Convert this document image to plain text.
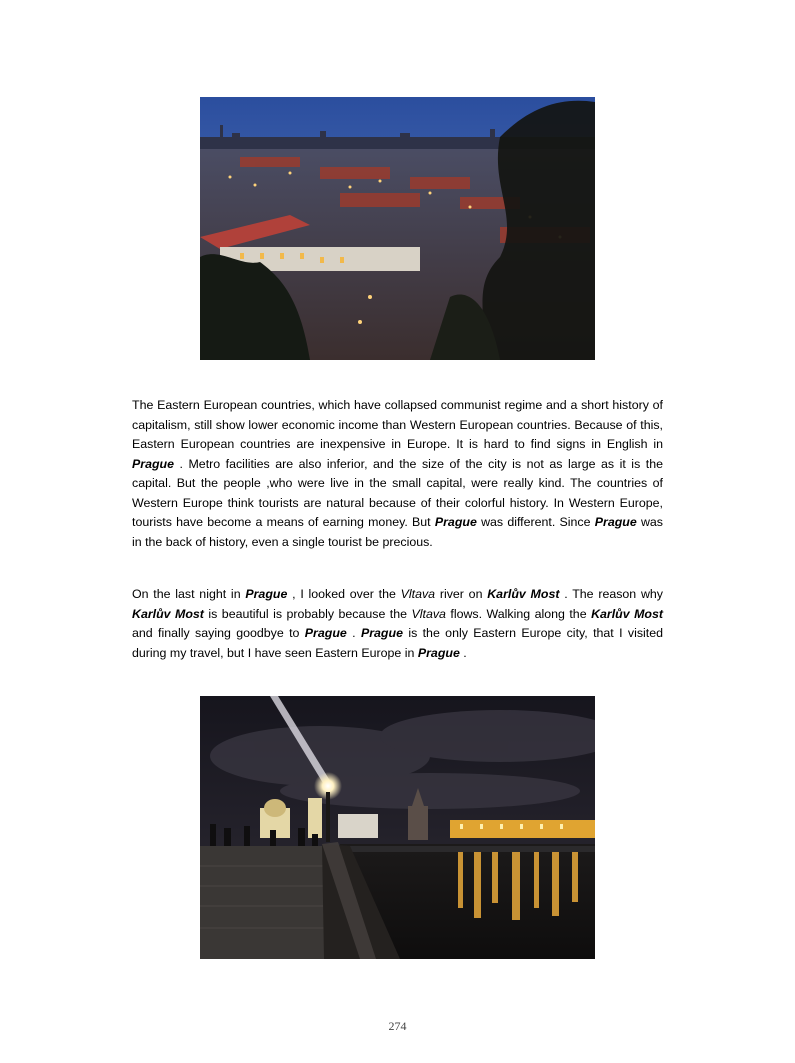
The Eastern European countries, which have collapsed communist regime and a short history of capitalism, still show lower economic income than Western European countries. Because of this, Eastern European countries are inexpensive in Europe. It is hard to find signs in English in Prague . Metro facilities are also inferior, and the size of the city is not as large as it is the capital. But the people ,who were live in the small capital, were really kind. The countries of Western Europe think tourists are natural because of their colorful history. In Western Europe, tourists have become a means of earning money. But Prague was different. Since Prague was in the back of history, even a single tourist be precious.

On the last night in Prague , I looked over the Vltava river on Karlův Most . The reason why Karlův Most is beautiful is probably because the Vltava flows. Walking along the Karlův Most and finally saying goodbye to Prague . Prague is the only Eastern Europe city, that I visited during my travel, but I have seen Eastern Europe in Prague .

274
